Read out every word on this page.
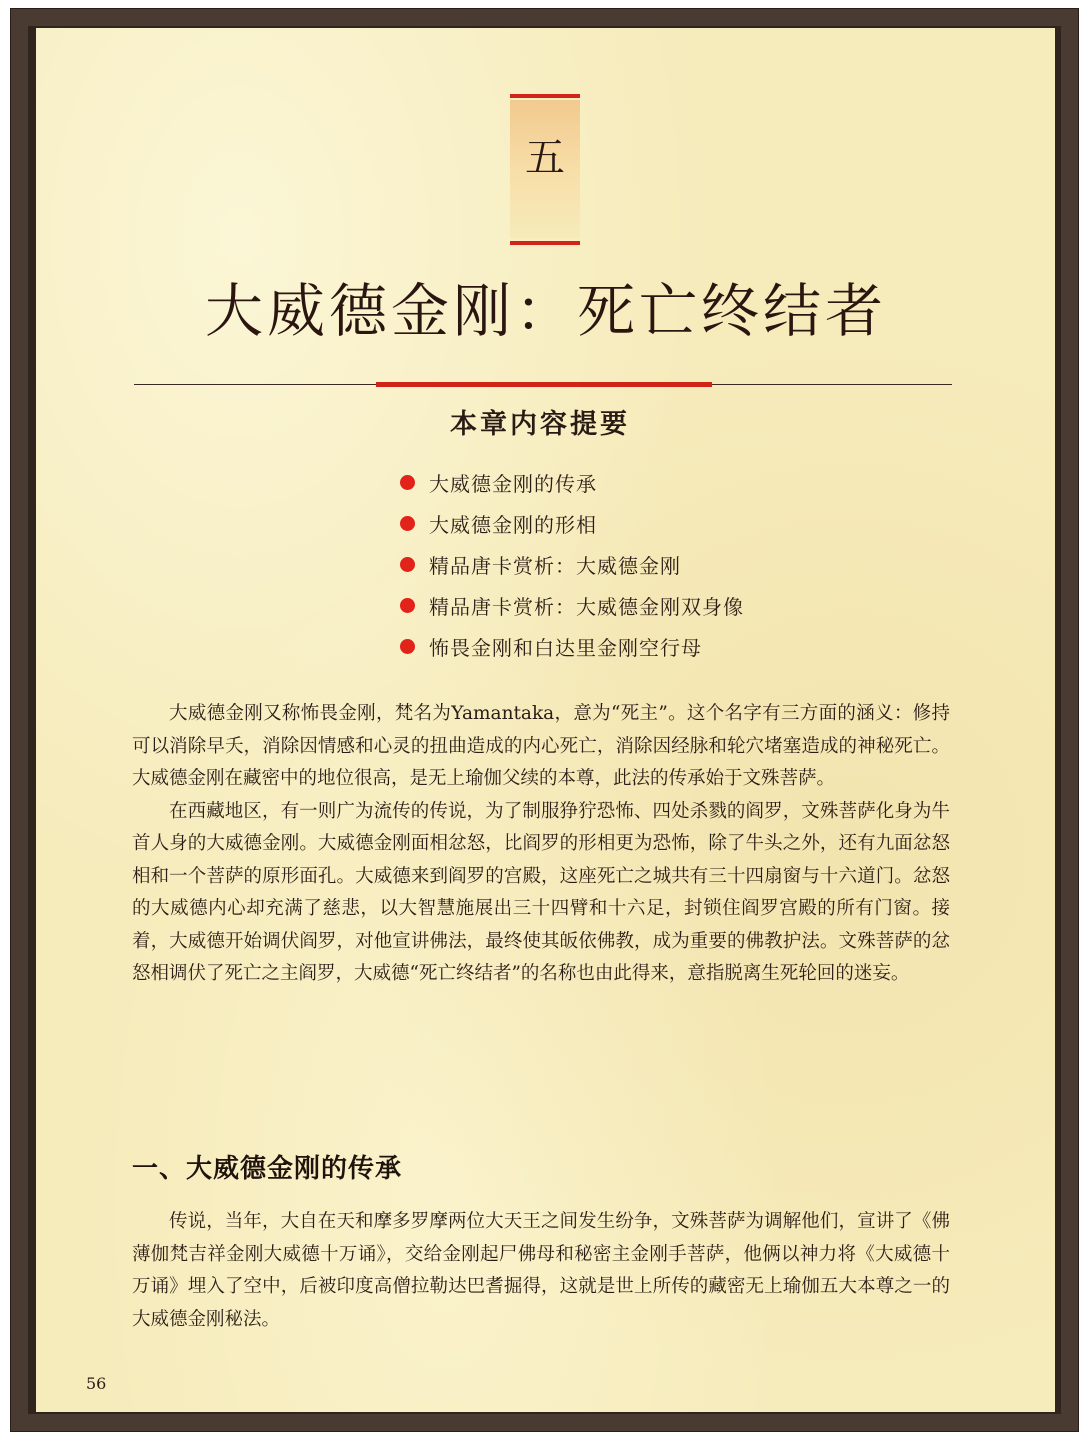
五
大威德金刚：死亡终结者
本章内容提要
大威德金刚的传承
大威德金刚的形相
精品唐卡赏析：大威德金刚
精品唐卡赏析：大威德金刚双身像
怖畏金刚和白达里金刚空行母

大威德金刚又称怖畏金刚，梵名为Yamantaka，意为“死主”。这个名字有三方面的涵义：修持可以消除早夭，消除因情感和心灵的扭曲造成的内心死亡，消除因经脉和轮穴堵塞造成的神秘死亡。大威德金刚在藏密中的地位很高，是无上瑜伽父续的本尊，此法的传承始于文殊菩萨。

在西藏地区，有一则广为流传的传说，为了制服狰狞恐怖、四处杀戮的阎罗，文殊菩萨化身为牛首人身的大威德金刚。大威德金刚面相忿怒，比阎罗的形相更为恐怖，除了牛头之外，还有九面忿怒相和一个菩萨的原形面孔。大威德来到阎罗的宫殿，这座死亡之城共有三十四扇窗与十六道门。忿怒的大威德内心却充满了慈悲，以大智慧施展出三十四臂和十六足，封锁住阎罗宫殿的所有门窗。接着，大威德开始调伏阎罗，对他宣讲佛法，最终使其皈依佛教，成为重要的佛教护法。文殊菩萨的忿怒相调伏了死亡之主阎罗，大威德“死亡终结者”的名称也由此得来，意指脱离生死轮回的迷妄。

一、大威德金刚的传承

传说，当年，大自在天和摩多罗摩两位大天王之间发生纷争，文殊菩萨为调解他们，宣讲了《佛薄伽梵吉祥金刚大威德十万诵》，交给金刚起尸佛母和秘密主金刚手菩萨，他俩以神力将《大威德十万诵》埋入了空中，后被印度高僧拉勒达巴耆掘得，这就是世上所传的藏密无上瑜伽五大本尊之一的大威德金刚秘法。

56
